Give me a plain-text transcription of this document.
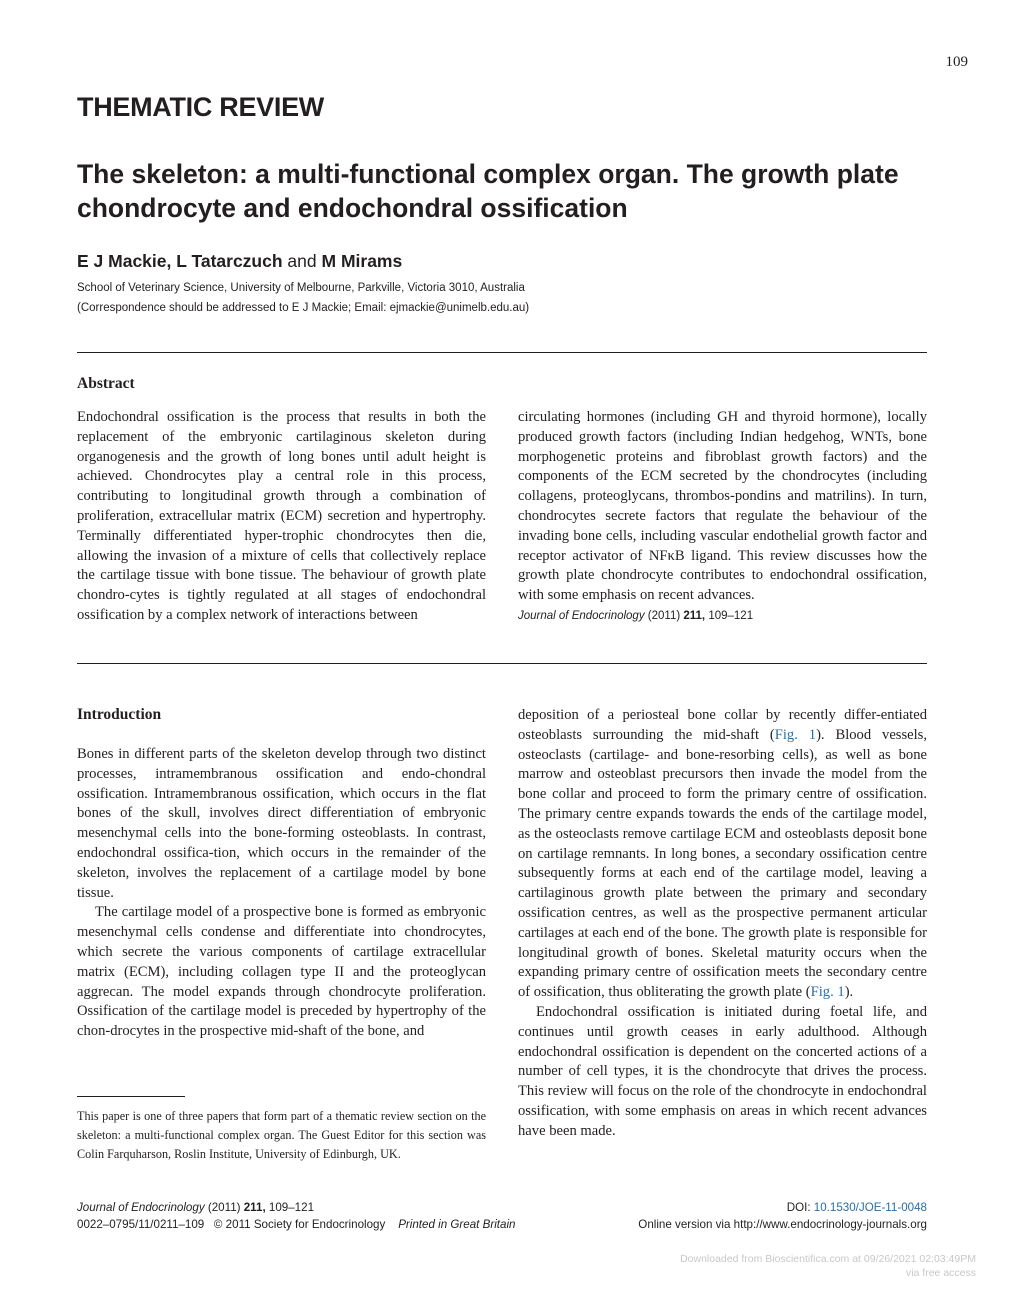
109
THEMATIC REVIEW
The skeleton: a multi-functional complex organ. The growth plate chondrocyte and endochondral ossification
E J Mackie, L Tatarczuch and M Mirams
School of Veterinary Science, University of Melbourne, Parkville, Victoria 3010, Australia
(Correspondence should be addressed to E J Mackie; Email: ejmackie@unimelb.edu.au)
Abstract

Endochondral ossification is the process that results in both the replacement of the embryonic cartilaginous skeleton during organogenesis and the growth of long bones until adult height is achieved. Chondrocytes play a central role in this process, contributing to longitudinal growth through a combination of proliferation, extracellular matrix (ECM) secretion and hypertrophy. Terminally differentiated hyper-trophic chondrocytes then die, allowing the invasion of a mixture of cells that collectively replace the cartilage tissue with bone tissue. The behaviour of growth plate chondro-cytes is tightly regulated at all stages of endochondral ossification by a complex network of interactions between

circulating hormones (including GH and thyroid hormone), locally produced growth factors (including Indian hedgehog, WNTs, bone morphogenetic proteins and fibroblast growth factors) and the components of the ECM secreted by the chondrocytes (including collagens, proteoglycans, thrombos-pondins and matrilins). In turn, chondrocytes secrete factors that regulate the behaviour of the invading bone cells, including vascular endothelial growth factor and receptor activator of NFκB ligand. This review discusses how the growth plate chondrocyte contributes to endochondral ossification, with some emphasis on recent advances.

Journal of Endocrinology (2011) 211, 109–121

Introduction

Bones in different parts of the skeleton develop through two distinct processes, intramembranous ossification and endo-chondral ossification. Intramembranous ossification, which occurs in the flat bones of the skull, involves direct differentiation of embryonic mesenchymal cells into the bone-forming osteoblasts. In contrast, endochondral ossifica-tion, which occurs in the remainder of the skeleton, involves the replacement of a cartilage model by bone tissue.

The cartilage model of a prospective bone is formed as embryonic mesenchymal cells condense and differentiate into chondrocytes, which secrete the various components of cartilage extracellular matrix (ECM), including collagen type II and the proteoglycan aggrecan. The model expands through chondrocyte proliferation. Ossification of the cartilage model is preceded by hypertrophy of the chon-drocytes in the prospective mid-shaft of the bone, and

deposition of a periosteal bone collar by recently differ-entiated osteoblasts surrounding the mid-shaft (Fig. 1). Blood vessels, osteoclasts (cartilage- and bone-resorbing cells), as well as bone marrow and osteoblast precursors then invade the model from the bone collar and proceed to form the primary centre of ossification. The primary centre expands towards the ends of the cartilage model, as the osteoclasts remove cartilage ECM and osteoblasts deposit bone on cartilage remnants. In long bones, a secondary ossification centre subsequently forms at each end of the cartilage model, leaving a cartilaginous growth plate between the primary and secondary ossification centres, as well as the prospective permanent articular cartilages at each end of the bone. The growth plate is responsible for longitudinal growth of bones. Skeletal maturity occurs when the expanding primary centre of ossification meets the secondary centre of ossification, thus obliterating the growth plate (Fig. 1).

Endochondral ossification is initiated during foetal life, and continues until growth ceases in early adulthood. Although endochondral ossification is dependent on the concerted actions of a number of cell types, it is the chondrocyte that drives the process. This review will focus on the role of the chondrocyte in endochondral ossification, with some emphasis on areas in which recent advances have been made.

This paper is one of three papers that form part of a thematic review section on the skeleton: a multi-functional complex organ. The Guest Editor for this section was Colin Farquharson, Roslin Institute, University of Edinburgh, UK.
Journal of Endocrinology (2011) 211, 109–121
0022–0795/11/0211–109 © 2011 Society for Endocrinology Printed in Great Britain
DOI: 10.1530/JOE-11-0048
Online version via http://www.endocrinology-journals.org
Downloaded from Bioscientifica.com at 09/26/2021 02:03:49PM
via free access
